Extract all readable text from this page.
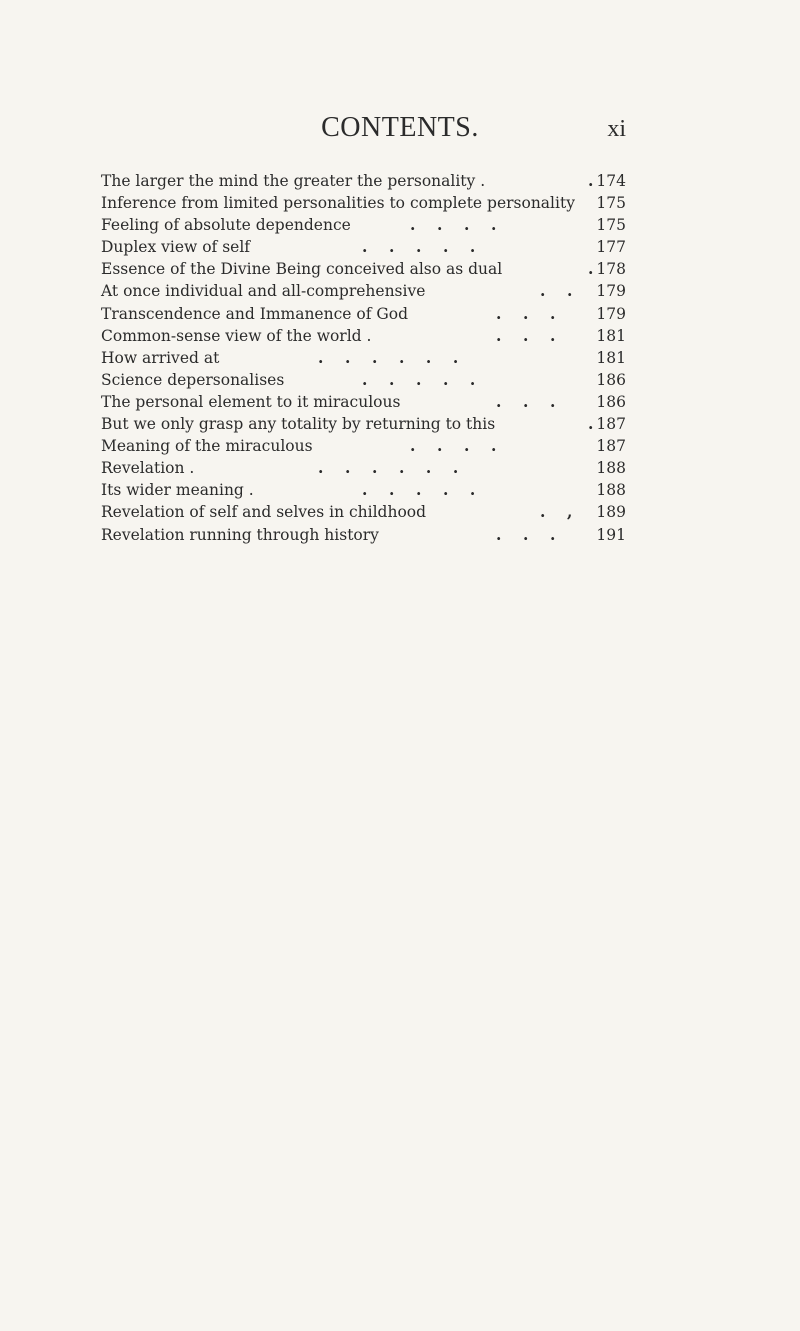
CONTENTS.	xi
The larger the mind the greater the personality .	. 174
Inference from limited personalities to complete personality	175
Feeling of absolute dependence	.    .    .    .	175
Duplex view of self	.    .    .    .    .	177
Essence of the Divine Being conceived also as dual	. 178
At once individual and all-comprehensive	.    .	179
Transcendence and Immanence of God	.    .    .	179
Common-sense view of the world .	.    .    .	181
How arrived at	.    .    .    .    .    .	181
Science depersonalises	.    .    .    .    .	186
The personal element to it miraculous	.    .    .	186
But we only grasp any totality by returning to this	. 187
Meaning of the miraculous	.    .    .    .	187
Revelation .	.    .    .    .    .    .	188
Its wider meaning .	.    .    .    .    .	188
Revelation of self and selves in childhood	.    ,	189
Revelation running through history	.    .    .	191
